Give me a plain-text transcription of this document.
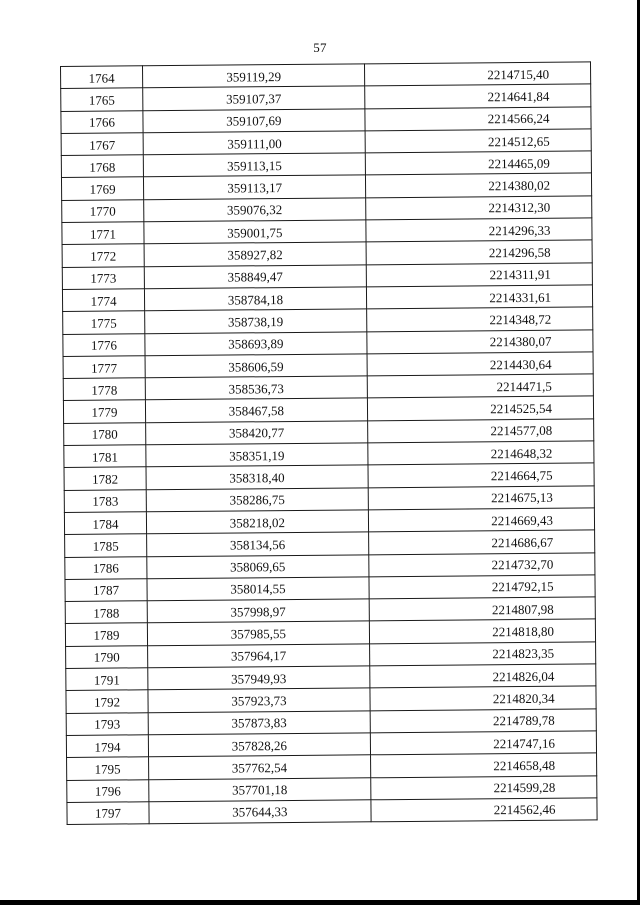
57
1764	359119,29	2214715,40
1765	359107,37	2214641,84
1766	359107,69	2214566,24
1767	359111,00	2214512,65
1768	359113,15	2214465,09
1769	359113,17	2214380,02
1770	359076,32	2214312,30
1771	359001,75	2214296,33
1772	358927,82	2214296,58
1773	358849,47	2214311,91
1774	358784,18	2214331,61
1775	358738,19	2214348,72
1776	358693,89	2214380,07
1777	358606,59	2214430,64
1778	358536,73	2214471,5
1779	358467,58	2214525,54
1780	358420,77	2214577,08
1781	358351,19	2214648,32
1782	358318,40	2214664,75
1783	358286,75	2214675,13
1784	358218,02	2214669,43
1785	358134,56	2214686,67
1786	358069,65	2214732,70
1787	358014,55	2214792,15
1788	357998,97	2214807,98
1789	357985,55	2214818,80
1790	357964,17	2214823,35
1791	357949,93	2214826,04
1792	357923,73	2214820,34
1793	357873,83	2214789,78
1794	357828,26	2214747,16
1795	357762,54	2214658,48
1796	357701,18	2214599,28
1797	357644,33	2214562,46
